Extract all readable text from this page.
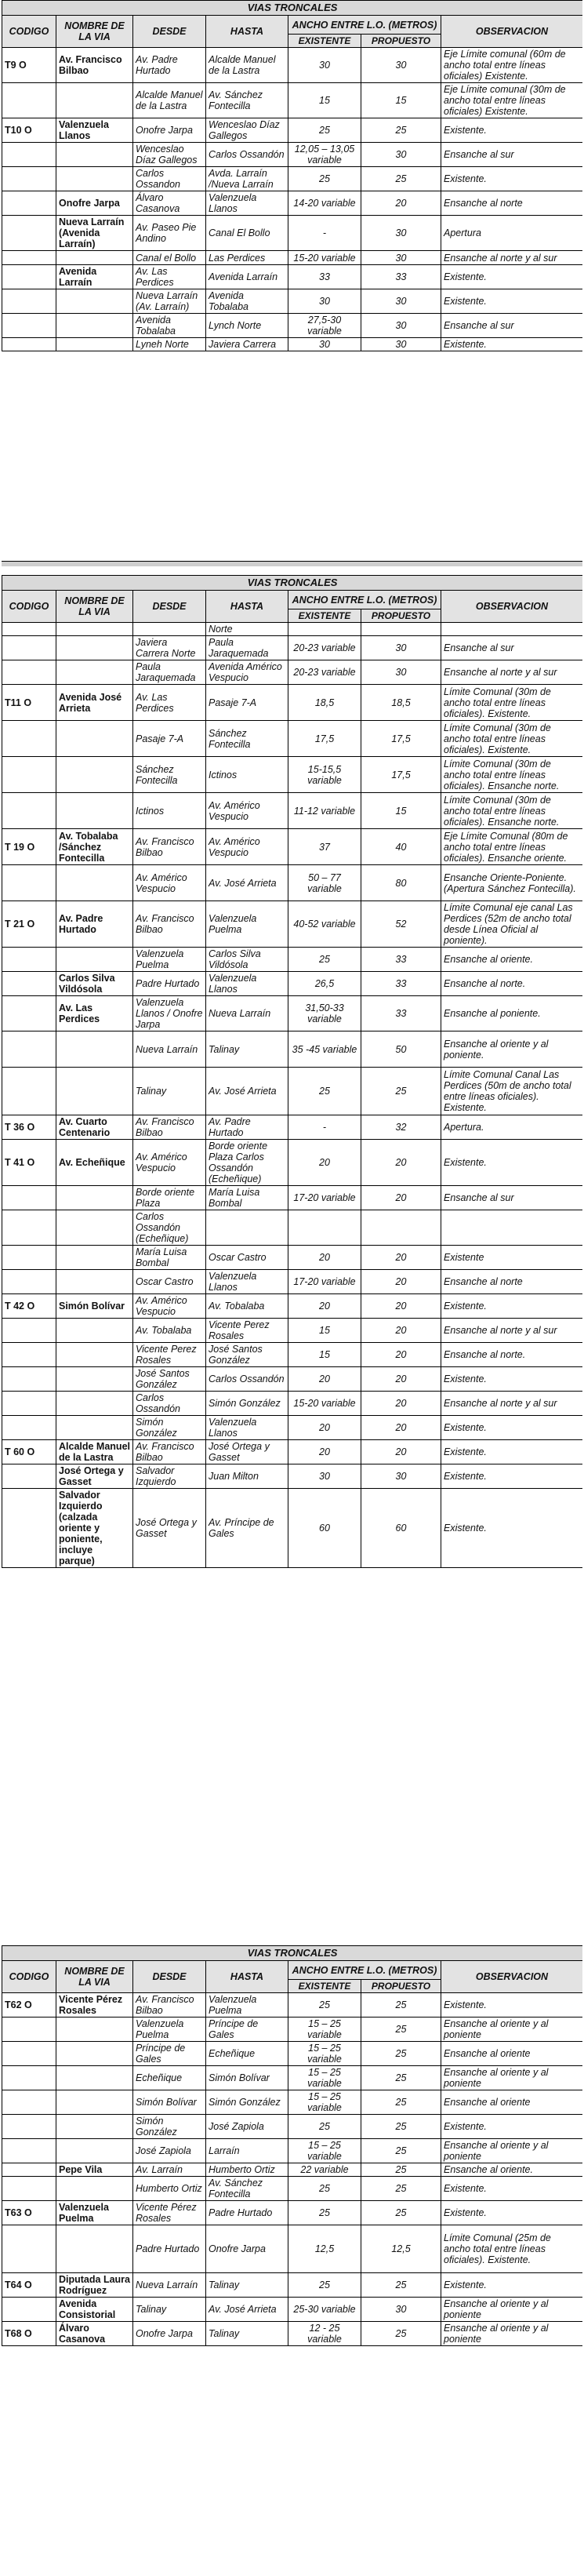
VIAS TRONCALES						
CODIGO	NOMBRE DE LA VIA	DESDE	HASTA	ANCHO ENTRE L.O. (METROS)		OBSERVACION
				EXISTENTE	PROPUESTO	
T9 O	Av. Francisco Bilbao	Av. Padre Hurtado	Alcalde Manuel de la Lastra	30	30	Eje Límite comunal (60m de ancho total entre líneas oficiales) Existente.
		Alcalde Manuel de la Lastra	Av. Sánchez Fontecilla	15	15	Eje Límite comunal (30m de ancho total entre líneas oficiales) Existente.
T10 O	Valenzuela Llanos	Onofre Jarpa	Wenceslao Díaz Gallegos	25	25	Existente.
		Wenceslao Díaz Gallegos	Carlos Ossandón	12,05 – 13,05 variable	30	Ensanche al sur
		Carlos Ossandon	Avda. Larraín /Nueva Larraín	25	25	Existente.
	Onofre Jarpa	Álvaro Casanova	Valenzuela Llanos	14-20 variable	20	Ensanche al norte
	Nueva Larraín (Avenida Larraín)	Av. Paseo Pie Andino	Canal El Bollo	-	30	Apertura
		Canal el Bollo	Las Perdices	15-20 variable	30	Ensanche al norte y al sur
	Avenida Larraín	Av. Las Perdices	Avenida Larraín	33	33	Existente.
		Nueva Larraín (Av. Larraín)	Avenida Tobalaba	30	30	Existente.
		Avenida Tobalaba	Lynch Norte	27,5-30 variable	30	Ensanche al sur
		Lyneh Norte	Javiera Carrera	30	30	Existente.
VIAS TRONCALES						
CODIGO	NOMBRE DE LA VIA	DESDE	HASTA	ANCHO ENTRE L.O. (METROS)		OBSERVACION
				EXISTENTE	PROPUESTO	
			Norte			
		Javiera Carrera Norte	Paula Jaraquemada	20-23 variable	30	Ensanche al sur
		Paula Jaraquemada	Avenida Américo Vespucio	20-23 variable	30	Ensanche al norte y al sur
T11 O	Avenida José Arrieta	Av. Las Perdices	Pasaje 7-A	18,5	18,5	Límite Comunal (30m de ancho total entre líneas oficiales). Existente.
		Pasaje 7-A	Sánchez Fontecilla	17,5	17,5	Límite Comunal (30m de ancho total entre líneas oficiales). Existente.
		Sánchez Fontecilla	Ictinos	15-15,5 variable	17,5	Límite Comunal (30m de ancho total entre líneas oficiales). Ensanche norte.
		Ictinos	Av. Américo Vespucio	11-12 variable	15	Límite Comunal (30m de ancho total entre líneas oficiales). Ensanche norte.
T 19 O	Av. Tobalaba /Sánchez Fontecilla	Av. Francisco Bilbao	Av. Américo Vespucio	37	40	Eje Límite Comunal (80m de ancho total entre líneas oficiales). Ensanche oriente.
		Av. Américo Vespucio	Av. José Arrieta	50 – 77 variable	80	Ensanche Oriente-Poniente. (Apertura Sánchez Fontecilla).
T 21 O	Av. Padre Hurtado	Av. Francisco Bilbao	Valenzuela Puelma	40-52 variable	52	Límite Comunal eje canal Las Perdices (52m de ancho total desde Línea Oficial al poniente).
		Valenzuela Puelma	Carlos Silva Vildósola	25	33	Ensanche al oriente.
	Carlos Silva Vildósola	Padre Hurtado	Valenzuela Llanos	26,5	33	Ensanche al norte.
	Av. Las Perdices	Valenzuela Llanos / Onofre Jarpa	Nueva Larraín	31,50-33 variable	33	Ensanche al poniente.
		Nueva Larraín	Talinay	35 -45 variable	50	Ensanche al oriente y al poniente.
		Talinay	Av. José Arrieta	25	25	Límite Comunal Canal Las Perdices (50m de ancho total entre líneas oficiales). Existente.
T 36 O	Av. Cuarto Centenario	Av. Francisco Bilbao	Av. Padre Hurtado	-	32	Apertura.
T 41 O	Av. Echeñique	Av. Américo Vespucio	Borde oriente Plaza Carlos Ossandón (Echeñique)	20	20	Existente.
		Borde oriente Plaza	María Luisa Bombal	17-20 variable	20	Ensanche al sur
		Carlos Ossandón (Echeñique)				
		María Luisa Bombal	Oscar Castro	20	20	Existente
		Oscar Castro	Valenzuela Llanos	17-20 variable	20	Ensanche al norte
T 42 O	Simón Bolívar	Av. Américo Vespucio	Av. Tobalaba	20	20	Existente.
		Av. Tobalaba	Vicente Perez Rosales	15	20	Ensanche al norte y al sur
		Vicente Perez Rosales	José Santos González	15	20	Ensanche al norte.
		José Santos González	Carlos Ossandón	20	20	Existente.
		Carlos Ossandón	Simón González	15-20 variable	20	Ensanche al norte y al sur
		Simón González	Valenzuela Llanos	20	20	Existente.
T 60 O	Alcalde Manuel de la Lastra	Av. Francisco Bilbao	José Ortega y Gasset	20	20	Existente.
	José Ortega y Gasset	Salvador Izquierdo	Juan Milton	30	30	Existente.
	Salvador Izquierdo (calzada oriente y poniente, incluye parque)	José Ortega y Gasset	Av. Príncipe de Gales	60	60	Existente.
VIAS TRONCALES						
CODIGO	NOMBRE DE LA VIA	DESDE	HASTA	ANCHO ENTRE L.O. (METROS)		OBSERVACION
				EXISTENTE	PROPUESTO	
T62 O	Vicente Pérez Rosales	Av. Francisco Bilbao	Valenzuela Puelma	25	25	Existente.
		Valenzuela Puelma	Príncipe de Gales	15 – 25 variable	25	Ensanche al oriente y al poniente
		Príncipe de Gales	Echeñique	15 – 25 variable	25	Ensanche al oriente
		Echeñique	Simón Bolívar	15 – 25 variable	25	Ensanche al oriente y al poniente
		Simón Bolívar	Simón González	15 – 25 variable	25	Ensanche al oriente
		Simón González	José Zapiola	25	25	Existente.
		José Zapiola	Larraín	15 – 25 variable	25	Ensanche al oriente y al poniente
	Pepe Vila	Av. Larraín	Humberto Ortiz	22 variable	25	Ensanche al oriente.
		Humberto Ortiz	Av. Sánchez Fontecilla	25	25	Existente.
T63 O	Valenzuela Puelma	Vicente Pérez Rosales	Padre Hurtado	25	25	Existente.
		Padre Hurtado	Onofre Jarpa	12,5	12,5	Límite Comunal (25m de ancho total entre líneas oficiales). Existente.
T64 O	Diputada Laura Rodríguez	Nueva Larraín	Talinay	25	25	Existente.
	Avenida Consistorial	Talinay	Av. José Arrieta	25-30 variable	30	Ensanche al oriente y al poniente
T68 O	Álvaro Casanova	Onofre Jarpa	Talinay	12 - 25 variable	25	Ensanche al oriente y al poniente
